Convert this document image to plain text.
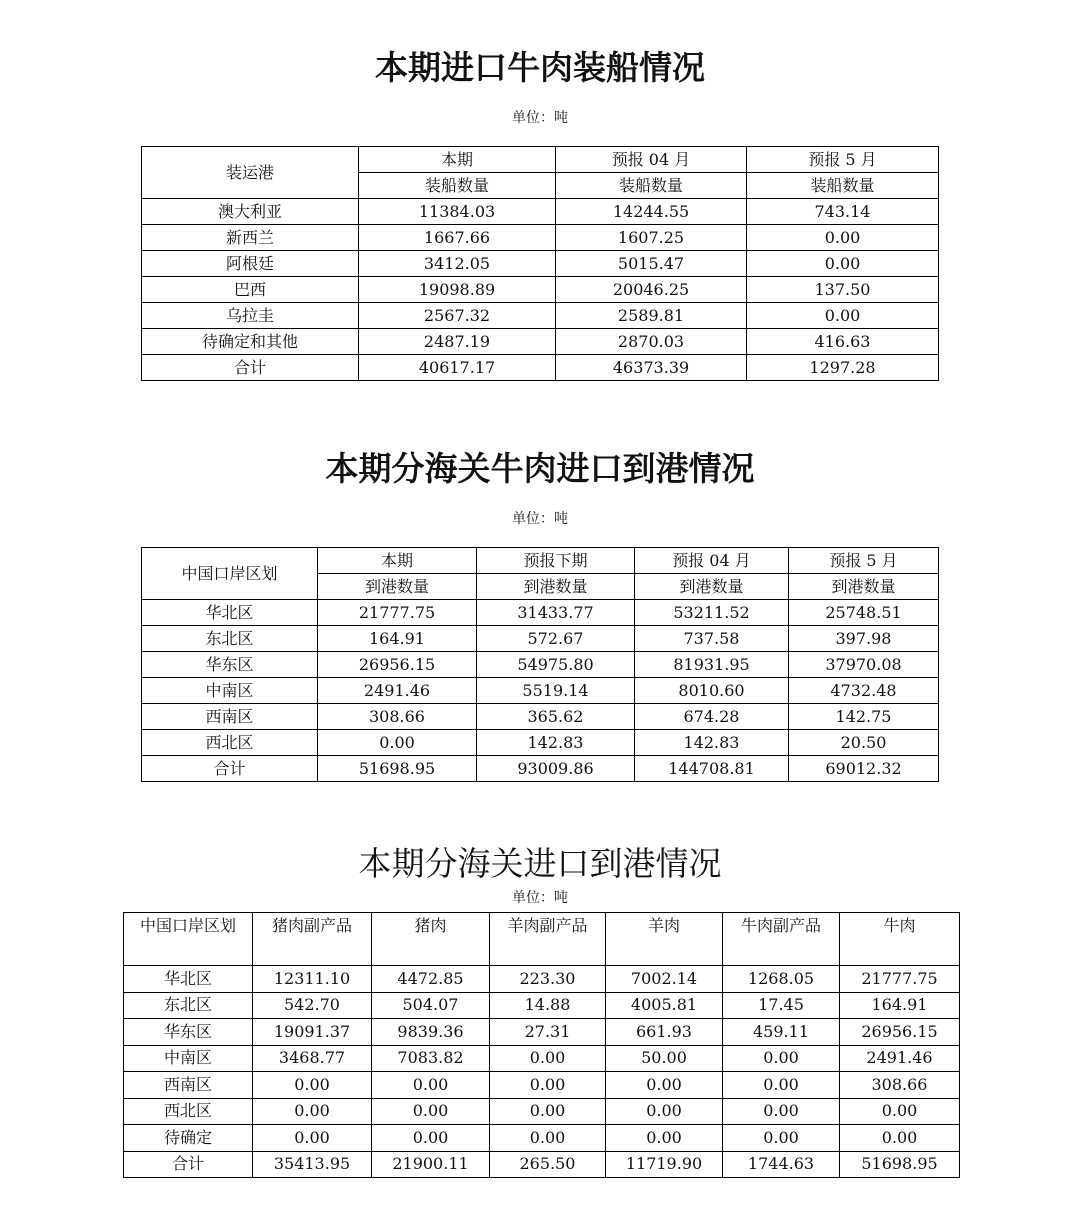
本期进口牛肉装船情况
单位：吨
装运港	本期	预报 04 月	预报 5 月
	装船数量	装船数量	装船数量
澳大利亚	11384.03	14244.55	743.14
新西兰	1667.66	1607.25	0.00
阿根廷	3412.05	5015.47	0.00
巴西	19098.89	20046.25	137.50
乌拉圭	2567.32	2589.81	0.00
待确定和其他	2487.19	2870.03	416.63
合计	40617.17	46373.39	1297.28
本期分海关牛肉进口到港情况
单位：吨
中国口岸区划	本期	预报下期	预报 04 月	预报 5 月
	到港数量	到港数量	到港数量	到港数量
华北区	21777.75	31433.77	53211.52	25748.51
东北区	164.91	572.67	737.58	397.98
华东区	26956.15	54975.80	81931.95	37970.08
中南区	2491.46	5519.14	8010.60	4732.48
西南区	308.66	365.62	674.28	142.75
西北区	0.00	142.83	142.83	20.50
合计	51698.95	93009.86	144708.81	69012.32
本期分海关进口到港情况
单位：吨
中国口岸区划	猪肉副产品	猪肉	羊肉副产品	羊肉	牛肉副产品	牛肉
华北区	12311.10	4472.85	223.30	7002.14	1268.05	21777.75
东北区	542.70	504.07	14.88	4005.81	17.45	164.91
华东区	19091.37	9839.36	27.31	661.93	459.11	26956.15
中南区	3468.77	7083.82	0.00	50.00	0.00	2491.46
西南区	0.00	0.00	0.00	0.00	0.00	308.66
西北区	0.00	0.00	0.00	0.00	0.00	0.00
待确定	0.00	0.00	0.00	0.00	0.00	0.00
合计	35413.95	21900.11	265.50	11719.90	1744.63	51698.95
